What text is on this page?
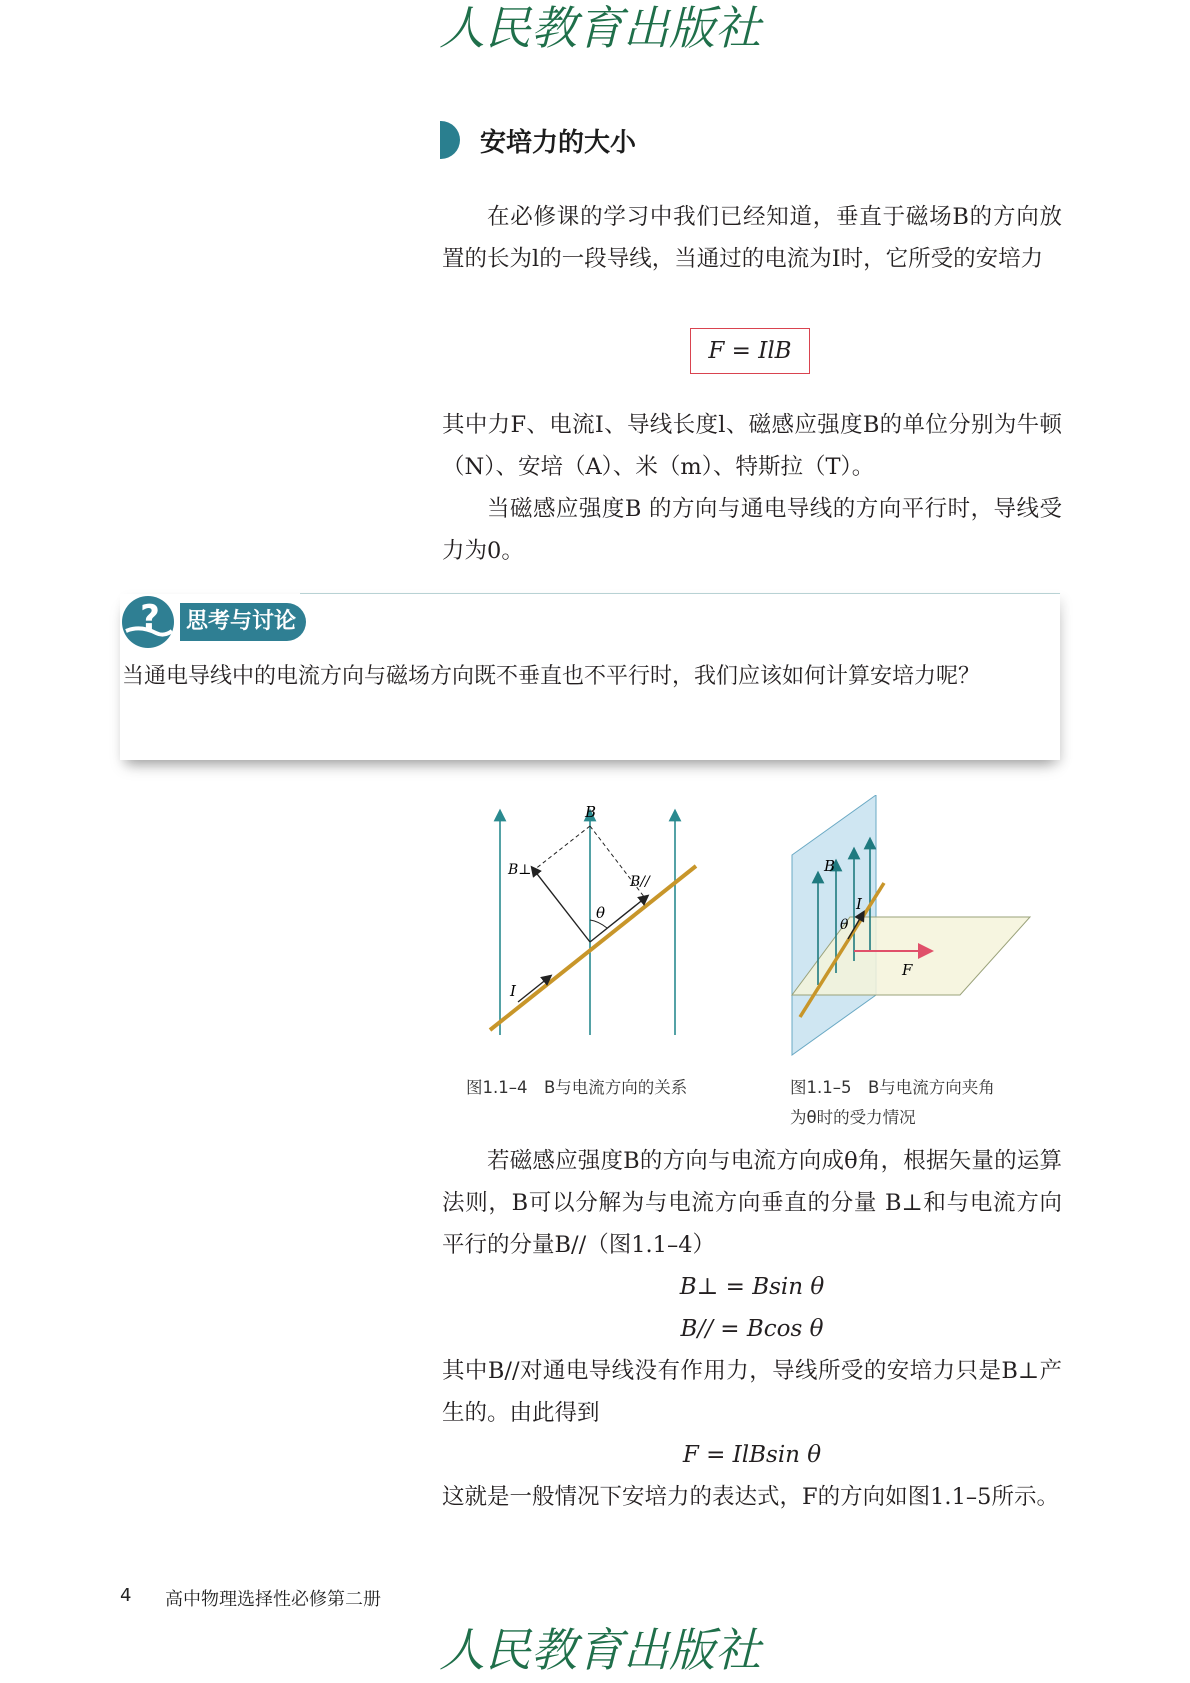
人民教育出版社
安培力的大小

在必修课的学习中我们已经知道，垂直于磁场B的方向放置的长为l的一段导线，当通过的电流为I时，它所受的安培力

F = IlB

其中力F、电流I、导线长度l、磁感应强度B的单位分别为牛顿（N）、安培（A）、米（m）、特斯拉（T）。

当磁感应强度B 的方向与通电导线的方向平行时，导线受力为0。

? 思考与讨论
当通电导线中的电流方向与磁场方向既不垂直也不平行时，我们应该如何计算安培力呢？
B
B⊥
B//
θ
I
图1.1–4　B与电流方向的关系
B
I
θ
F
图1.1–5　B与电流方向夹角
为θ时的受力情况

若磁感应强度B的方向与电流方向成θ角，根据矢量的运算法则，B可以分解为与电流方向垂直的分量 B⊥和与电流方向平行的分量B//（图1.1–4）

B⊥ = Bsin θ

B// = Bcos θ

其中B//对通电导线没有作用力，导线所受的安培力只是B⊥产生的。由此得到

F = IlBsin θ

这就是一般情况下安培力的表达式，F的方向如图1.1–5所示。

4 高中物理选择性必修第二册
人民教育出版社
